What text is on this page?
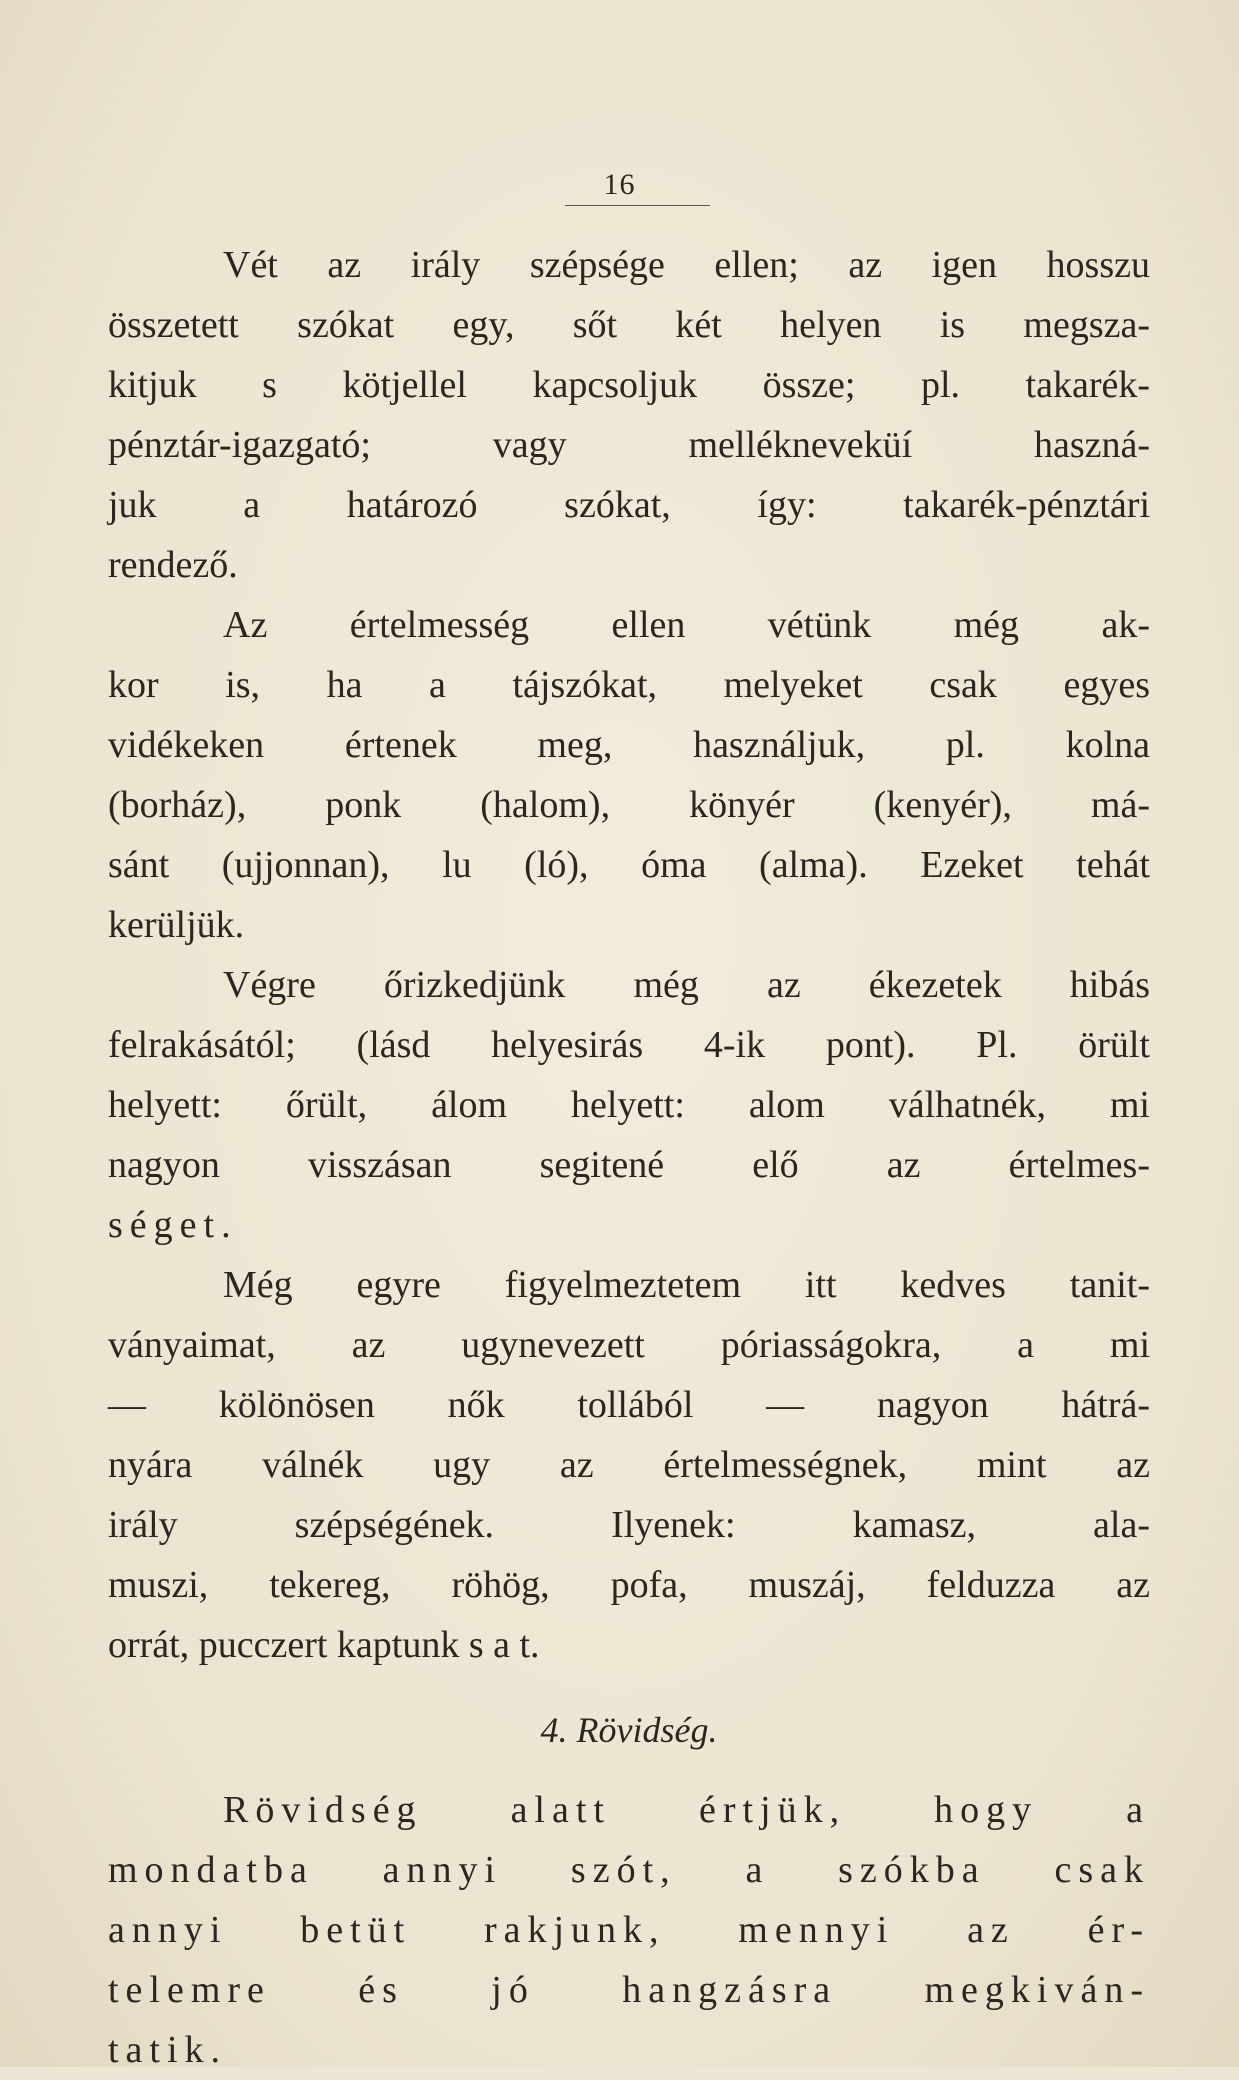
16
Vét az irály szépsége ellen; az igen hosszu
összetett szókat egy, sőt két helyen is megsza-
kitjuk s kötjellel kapcsoljuk össze; pl. takarék-
pénztár-igazgató; vagy mellékneveküí haszná-
juk a határozó szókat, így: takarék-pénztári
rendező.
Az értelmesség ellen vétünk még ak-
kor is, ha a tájszókat, melyeket csak egyes
vidékeken értenek meg, használjuk, pl. kolna
(borház), ponk (halom), könyér (kenyér), má-
sánt (ujjonnan), lu (ló), óma (alma). Ezeket tehát
kerüljük.
Végre őrizkedjünk még az ékezetek hibás
felrakásától; (lásd helyesirás 4-ik pont). Pl. örült
helyett: őrült, álom helyett: alom válhatnék, mi
nagyon visszásan segitené elő az értelmes-
séget.
Még egyre figyelmeztetem itt kedves tanit-
ványaimat, az ugynevezett póriasságokra, a mi
— kölönösen nők tollából — nagyon hátrá-
nyára válnék ugy az értelmességnek, mint az
irály szépségének. Ilyenek: kamasz, ala-
muszi, tekereg, röhög, pofa, muszáj, felduzza az
orrát, pucczert kaptunk s a t.
4. Rövidség.
Rövidség alatt értjük, hogy a
mondatba annyi szót, a szókba csak
annyi betüt rakjunk, mennyi az ér-
telemre és jó hangzásra megkiván-
tatik.
